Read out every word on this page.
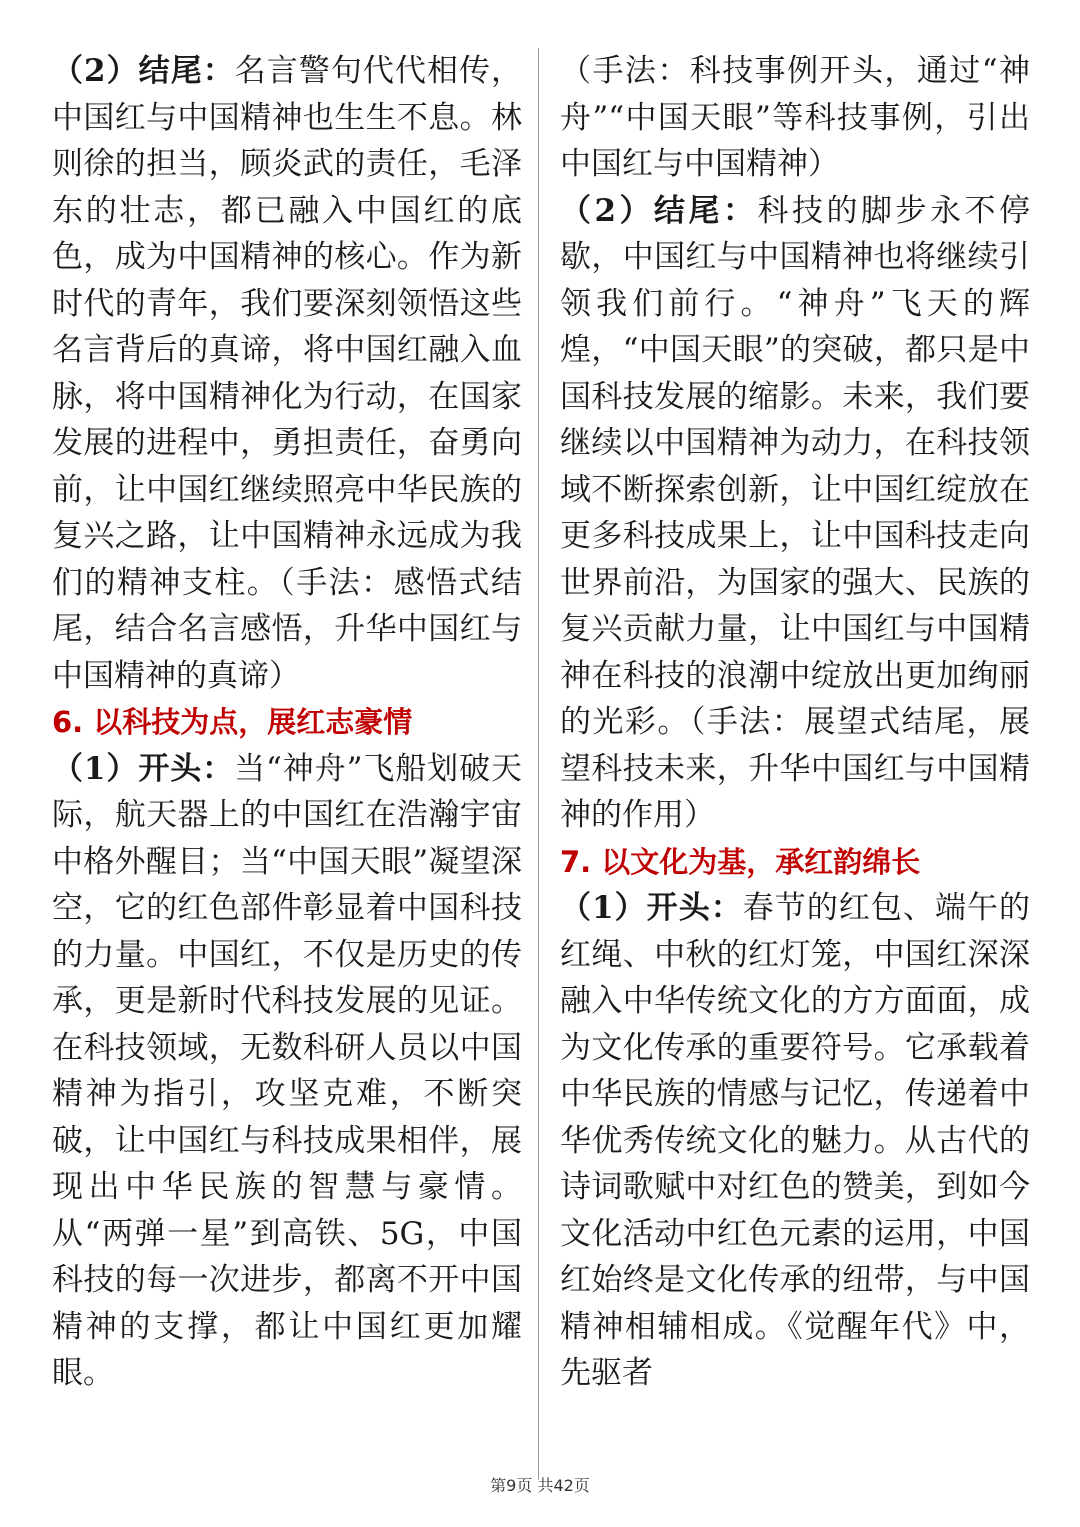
（2）结尾：名言警句代代相传，中国红与中国精神也生生不息。林则徐的担当，顾炎武的责任，毛泽东的壮志，都已融入中国红的底色，成为中国精神的核心。作为新时代的青年，我们要深刻领悟这些名言背后的真谛，将中国红融入血脉，将中国精神化为行动，在国家发展的进程中，勇担责任，奋勇向前，让中国红继续照亮中华民族的复兴之路，让中国精神永远成为我们的精神支柱。（手法：感悟式结尾，结合名言感悟，升华中国红与中国精神的真谛）

6. 以科技为点，展红志豪情

（1）开头：当“神舟”飞船划破天际，航天器上的中国红在浩瀚宇宙中格外醒目；当“中国天眼”凝望深空，它的红色部件彰显着中国科技的力量。中国红，不仅是历史的传承，更是新时代科技发展的见证。在科技领域，无数科研人员以中国精神为指引，攻坚克难，不断突破，让中国红与科技成果相伴，展现出中华民族的智慧与豪情。从“两弹一星”到高铁、5G，中国科技的每一次进步，都离不开中国精神的支撑，都让中国红更加耀眼。

（手法：科技事例开头，通过“神舟”“中国天眼”等科技事例，引出中国红与中国精神）

（2）结尾：科技的脚步永不停歇，中国红与中国精神也将继续引领我们前行。“神舟”飞天的辉煌，“中国天眼”的突破，都只是中国科技发展的缩影。未来，我们要继续以中国精神为动力，在科技领域不断探索创新，让中国红绽放在更多科技成果上，让中国科技走向世界前沿，为国家的强大、民族的复兴贡献力量，让中国红与中国精神在科技的浪潮中绽放出更加绚丽的光彩。（手法：展望式结尾，展望科技未来，升华中国红与中国精神的作用）

7. 以文化为基，承红韵绵长

（1）开头：春节的红包、端午的红绳、中秋的红灯笼，中国红深深融入中华传统文化的方方面面，成为文化传承的重要符号。它承载着中华民族的情感与记忆，传递着中华优秀传统文化的魅力。从古代的诗词歌赋中对红色的赞美，到如今文化活动中红色元素的运用，中国红始终是文化传承的纽带，与中国精神相辅相成。《觉醒年代》中，先驱者

第9页 共42页
